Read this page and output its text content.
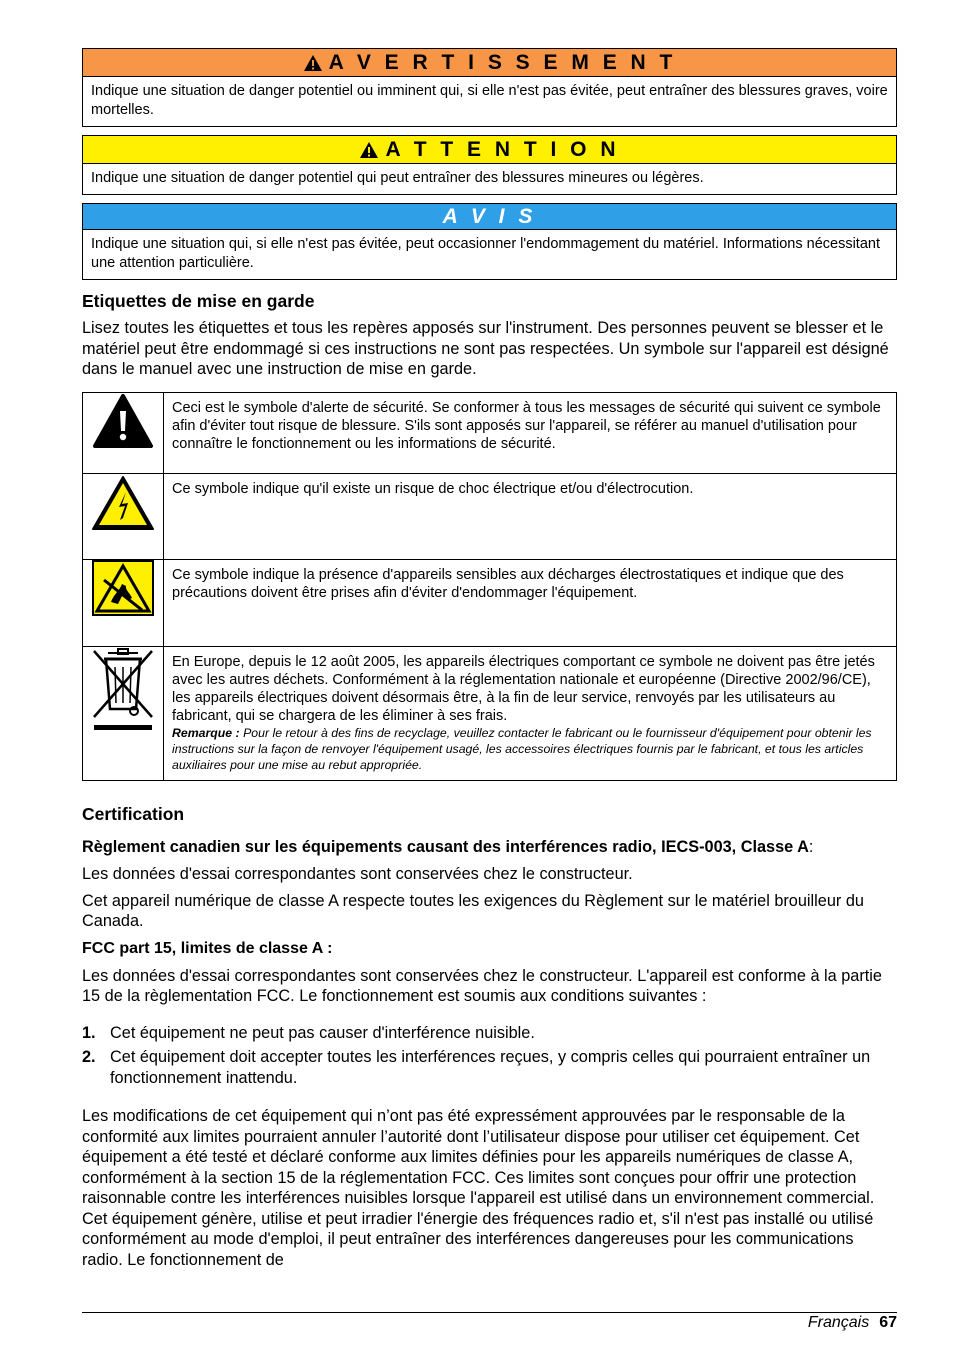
A V E R T I S S E M E N T
Indique une situation de danger potentiel ou imminent qui, si elle n'est pas évitée, peut entraîner des blessures graves, voire mortelles.
A T T E N T I O N
Indique une situation de danger potentiel qui peut entraîner des blessures mineures ou légères.
A V I S
Indique une situation qui, si elle n'est pas évitée, peut occasionner l'endommagement du matériel. Informations nécessitant une attention particulière.
Etiquettes de mise en garde

Lisez toutes les étiquettes et tous les repères apposés sur l'instrument. Des personnes peuvent se blesser et le matériel peut être endommagé si ces instructions ne sont pas respectées. Un symbole sur l'appareil est désigné dans le manuel avec une instruction de mise en garde.

	Ceci est le symbole d'alerte de sécurité. Se conformer à tous les messages de sécurité qui suivent ce symbole afin d'éviter tout risque de blessure. S'ils sont apposés sur l'appareil, se référer au manuel d'utilisation pour connaître le fonctionnement ou les informations de sécurité.
	Ce symbole indique qu'il existe un risque de choc électrique et/ou d'électrocution.
	Ce symbole indique la présence d'appareils sensibles aux décharges électrostatiques et indique que des précautions doivent être prises afin d'éviter d'endommager l'équipement.

En Europe, depuis le 12 août 2005, les appareils électriques comportant ce symbole ne doivent pas être jetés avec les autres déchets. Conformément à la réglementation nationale et européenne (Directive 2002/96/CE), les appareils électriques doivent désormais être, à la fin de leur service, renvoyés par les utilisateurs au fabricant, qui se chargera de les éliminer à ses frais.
Remarque : Pour le retour à des fins de recyclage, veuillez contacter le fabricant ou le fournisseur d'équipement pour obtenir les instructions sur la façon de renvoyer l'équipement usagé, les accessoires électriques fournis par le fabricant, et tous les articles auxiliaires pour une mise au rebut appropriée.
Certification
Règlement canadien sur les équipements causant des interférences radio, IECS-003, Classe A:

Les données d'essai correspondantes sont conservées chez le constructeur.

Cet appareil numérique de classe A respecte toutes les exigences du Règlement sur le matériel brouilleur du Canada.

FCC part 15, limites de classe A :

Les données d'essai correspondantes sont conservées chez le constructeur. L'appareil est conforme à la partie 15 de la règlementation FCC. Le fonctionnement est soumis aux conditions suivantes :

1. Cet équipement ne peut pas causer d'interférence nuisible.
2. Cet équipement doit accepter toutes les interférences reçues, y compris celles qui pourraient entraîner un fonctionnement inattendu.

Les modifications de cet équipement qui n’ont pas été expressément approuvées par le responsable de la conformité aux limites pourraient annuler l’autorité dont l’utilisateur dispose pour utiliser cet équipement. Cet équipement a été testé et déclaré conforme aux limites définies pour les appareils numériques de classe A, conformément à la section 15 de la réglementation FCC. Ces limites sont conçues pour offrir une protection raisonnable contre les interférences nuisibles lorsque l'appareil est utilisé dans un environnement commercial. Cet équipement génère, utilise et peut irradier l'énergie des fréquences radio et, s'il n'est pas installé ou utilisé conformément au mode d'emploi, il peut entraîner des interférences dangereuses pour les communications radio. Le fonctionnement de

Français 67
